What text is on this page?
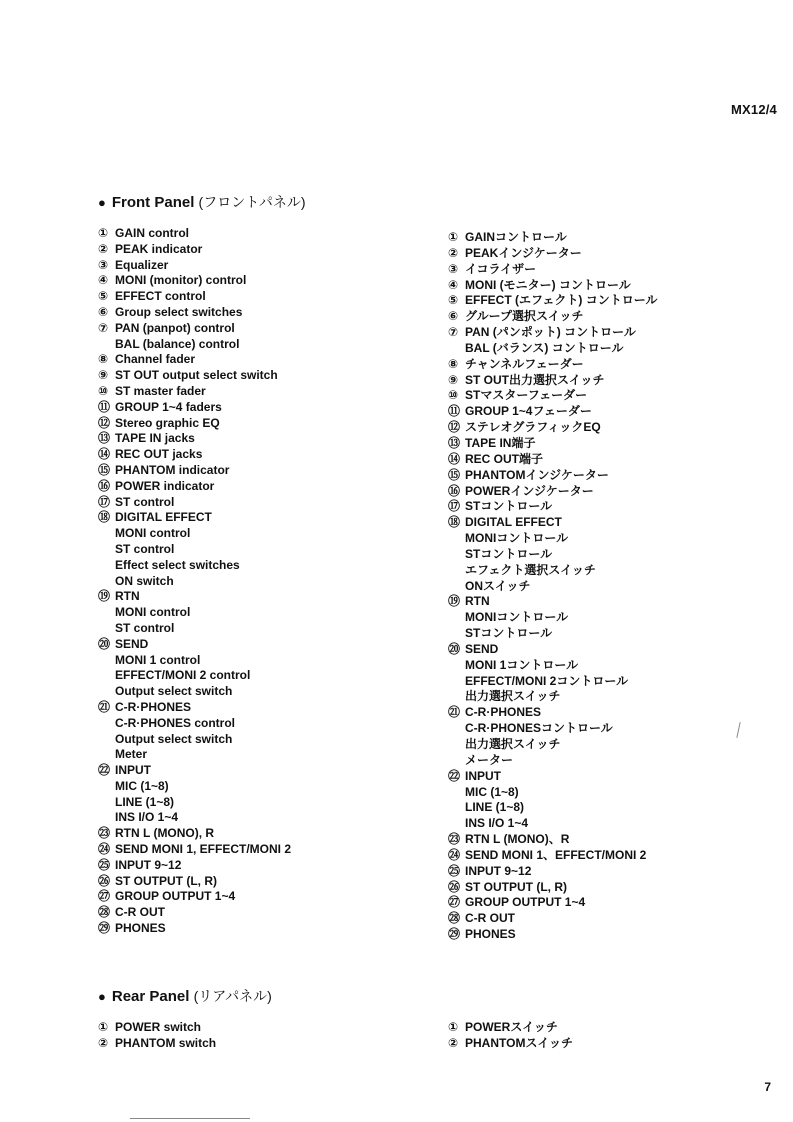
MX12/4
● Front Panel (フロントパネル)
① GAIN control
② PEAK indicator
③ Equalizer
④ MONI (monitor) control
⑤ EFFECT control
⑥ Group select switches
⑦ PAN (panpot) control
BAL (balance) control
⑧ Channel fader
⑨ ST OUT output select switch
⑩ ST master fader
⑪ GROUP 1~4 faders
⑫ Stereo graphic EQ
⑬ TAPE IN jacks
⑭ REC OUT jacks
⑮ PHANTOM indicator
⑯ POWER indicator
⑰ ST control
⑱ DIGITAL EFFECT
MONI control
ST control
Effect select switches
ON switch
⑲ RTN
MONI control
ST control
⑳ SEND
MONI 1 control
EFFECT/MONI 2 control
Output select switch
㉑ C-R·PHONES
C-R·PHONES control
Output select switch
Meter
㉒ INPUT
MIC (1~8)
LINE (1~8)
INS I/O 1~4
㉓ RTN L (MONO), R
㉔ SEND MONI 1, EFFECT/MONI 2
㉕ INPUT 9~12
㉖ ST OUTPUT (L, R)
㉗ GROUP OUTPUT 1~4
㉘ C-R OUT
㉙ PHONES
① GAINコントロール
② PEAKインジケーター
③ イコライザー
④ MONI (モニター) コントロール
⑤ EFFECT (エフェクト) コントロール
⑥ グループ選択スイッチ
⑦ PAN (パンポット) コントロール
BAL (バランス) コントロール
⑧ チャンネルフェーダー
⑨ ST OUT出力選択スイッチ
⑩ STマスターフェーダー
⑪ GROUP 1~4フェーダー
⑫ ステレオグラフィックEQ
⑬ TAPE IN端子
⑭ REC OUT端子
⑮ PHANTOMインジケーター
⑯ POWERインジケーター
⑰ STコントロール
⑱ DIGITAL EFFECT
MONIコントロール
STコントロール
エフェクト選択スイッチ
ONスイッチ
⑲ RTN
MONIコントロール
STコントロール
⑳ SEND
MONI 1コントロール
EFFECT/MONI 2コントロール
出力選択スイッチ
㉑ C-R·PHONES
C-R·PHONESコントロール
出力選択スイッチ
メーター
㉒ INPUT
MIC (1~8)
LINE (1~8)
INS I/O 1~4
㉓ RTN L (MONO)、R
㉔ SEND MONI 1、EFFECT/MONI 2
㉕ INPUT 9~12
㉖ ST OUTPUT (L, R)
㉗ GROUP OUTPUT 1~4
㉘ C-R OUT
㉙ PHONES
● Rear Panel (リアパネル)
① POWER switch
② PHANTOM switch
① POWERスイッチ
② PHANTOMスイッチ
7
